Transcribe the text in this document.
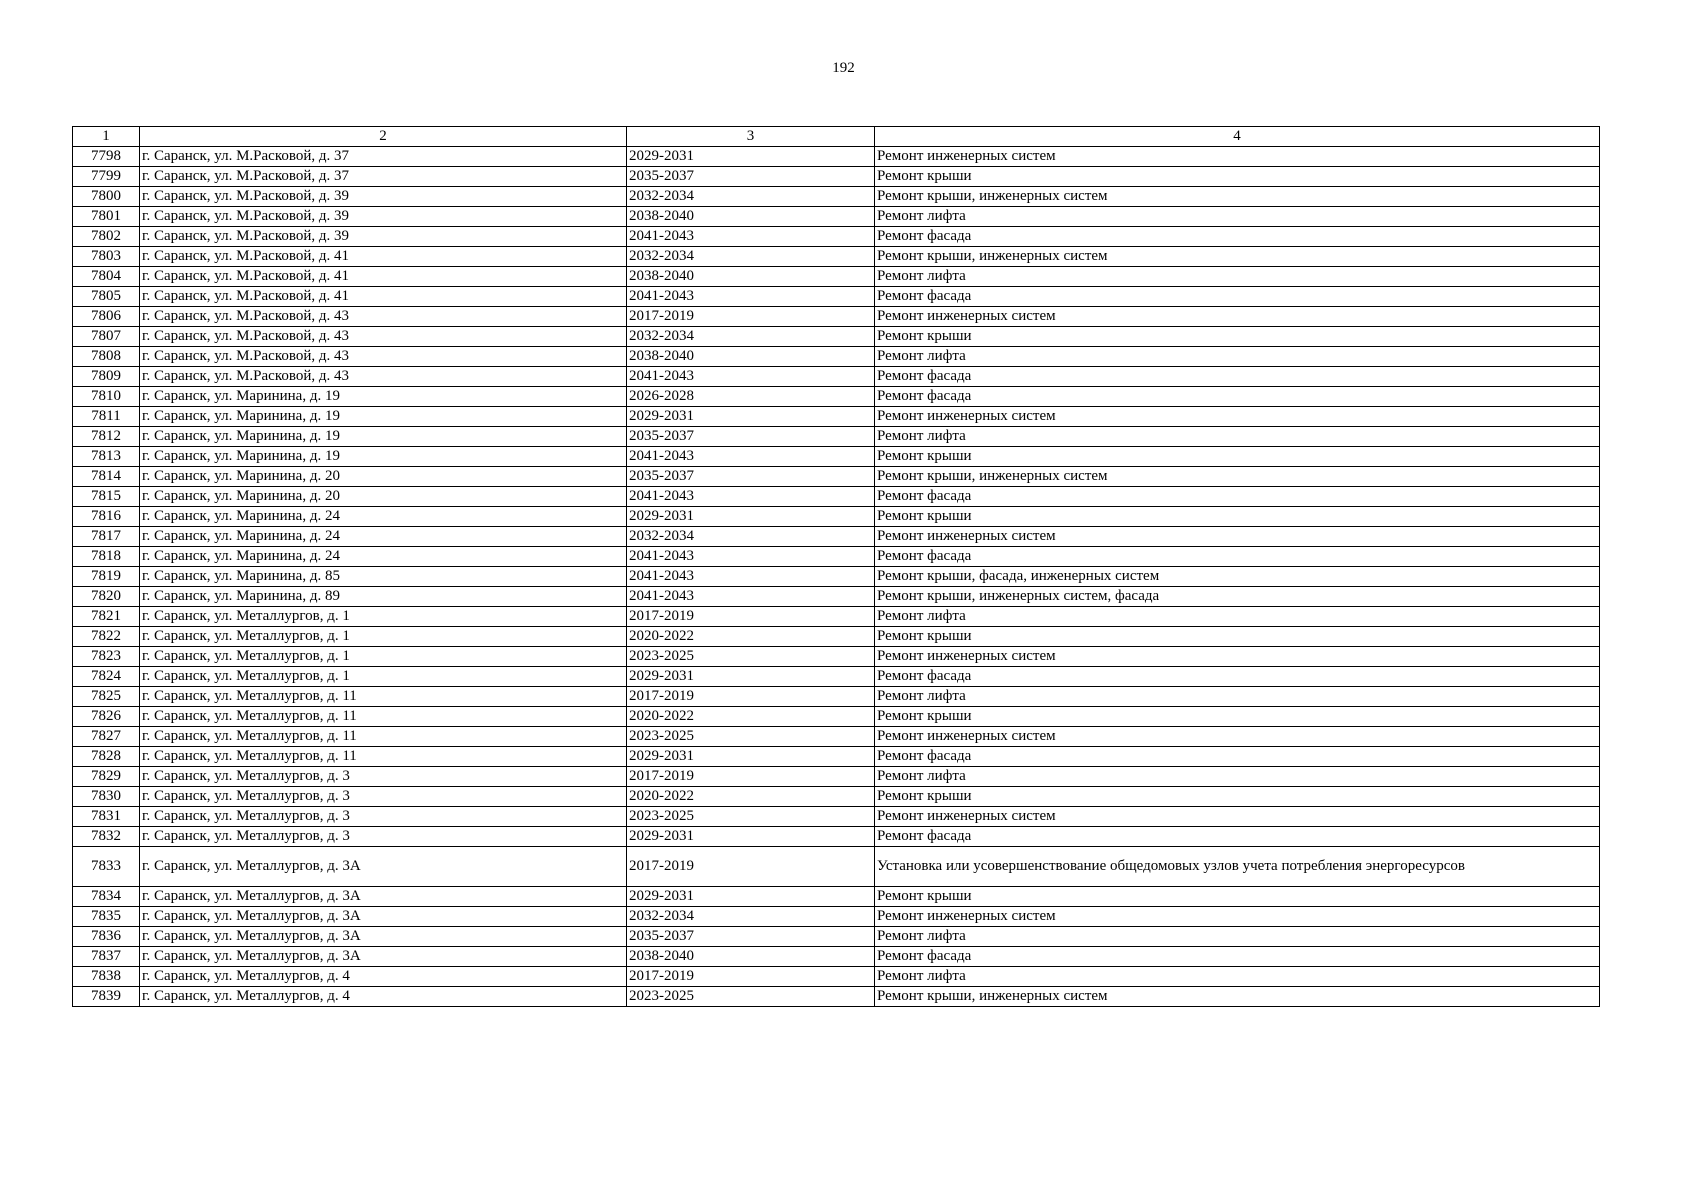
192
1	2	3	4
7798	г. Саранск, ул. М.Расковой, д. 37	2029-2031	Ремонт инженерных систем
7799	г. Саранск, ул. М.Расковой, д. 37	2035-2037	Ремонт крыши
7800	г. Саранск, ул. М.Расковой, д. 39	2032-2034	Ремонт крыши, инженерных систем
7801	г. Саранск, ул. М.Расковой, д. 39	2038-2040	Ремонт лифта
7802	г. Саранск, ул. М.Расковой, д. 39	2041-2043	Ремонт фасада
7803	г. Саранск, ул. М.Расковой, д. 41	2032-2034	Ремонт крыши, инженерных систем
7804	г. Саранск, ул. М.Расковой, д. 41	2038-2040	Ремонт лифта
7805	г. Саранск, ул. М.Расковой, д. 41	2041-2043	Ремонт фасада
7806	г. Саранск, ул. М.Расковой, д. 43	2017-2019	Ремонт инженерных систем
7807	г. Саранск, ул. М.Расковой, д. 43	2032-2034	Ремонт крыши
7808	г. Саранск, ул. М.Расковой, д. 43	2038-2040	Ремонт лифта
7809	г. Саранск, ул. М.Расковой, д. 43	2041-2043	Ремонт фасада
7810	г. Саранск, ул. Маринина, д. 19	2026-2028	Ремонт фасада
7811	г. Саранск, ул. Маринина, д. 19	2029-2031	Ремонт инженерных систем
7812	г. Саранск, ул. Маринина, д. 19	2035-2037	Ремонт лифта
7813	г. Саранск, ул. Маринина, д. 19	2041-2043	Ремонт крыши
7814	г. Саранск, ул. Маринина, д. 20	2035-2037	Ремонт крыши, инженерных систем
7815	г. Саранск, ул. Маринина, д. 20	2041-2043	Ремонт фасада
7816	г. Саранск, ул. Маринина, д. 24	2029-2031	Ремонт крыши
7817	г. Саранск, ул. Маринина, д. 24	2032-2034	Ремонт инженерных систем
7818	г. Саранск, ул. Маринина, д. 24	2041-2043	Ремонт фасада
7819	г. Саранск, ул. Маринина, д. 85	2041-2043	Ремонт крыши, фасада, инженерных систем
7820	г. Саранск, ул. Маринина, д. 89	2041-2043	Ремонт крыши, инженерных систем, фасада
7821	г. Саранск, ул. Металлургов, д. 1	2017-2019	Ремонт лифта
7822	г. Саранск, ул. Металлургов, д. 1	2020-2022	Ремонт крыши
7823	г. Саранск, ул. Металлургов, д. 1	2023-2025	Ремонт инженерных систем
7824	г. Саранск, ул. Металлургов, д. 1	2029-2031	Ремонт фасада
7825	г. Саранск, ул. Металлургов, д. 11	2017-2019	Ремонт лифта
7826	г. Саранск, ул. Металлургов, д. 11	2020-2022	Ремонт крыши
7827	г. Саранск, ул. Металлургов, д. 11	2023-2025	Ремонт инженерных систем
7828	г. Саранск, ул. Металлургов, д. 11	2029-2031	Ремонт фасада
7829	г. Саранск, ул. Металлургов, д. 3	2017-2019	Ремонт лифта
7830	г. Саранск, ул. Металлургов, д. 3	2020-2022	Ремонт крыши
7831	г. Саранск, ул. Металлургов, д. 3	2023-2025	Ремонт инженерных систем
7832	г. Саранск, ул. Металлургов, д. 3	2029-2031	Ремонт фасада
7833	г. Саранск, ул. Металлургов, д. 3А	2017-2019	Установка или усовершенствование общедомовых узлов учета потребления энергоресурсов
7834	г. Саранск, ул. Металлургов, д. 3А	2029-2031	Ремонт крыши
7835	г. Саранск, ул. Металлургов, д. 3А	2032-2034	Ремонт инженерных систем
7836	г. Саранск, ул. Металлургов, д. 3А	2035-2037	Ремонт лифта
7837	г. Саранск, ул. Металлургов, д. 3А	2038-2040	Ремонт фасада
7838	г. Саранск, ул. Металлургов, д. 4	2017-2019	Ремонт лифта
7839	г. Саранск, ул. Металлургов, д. 4	2023-2025	Ремонт крыши, инженерных систем
